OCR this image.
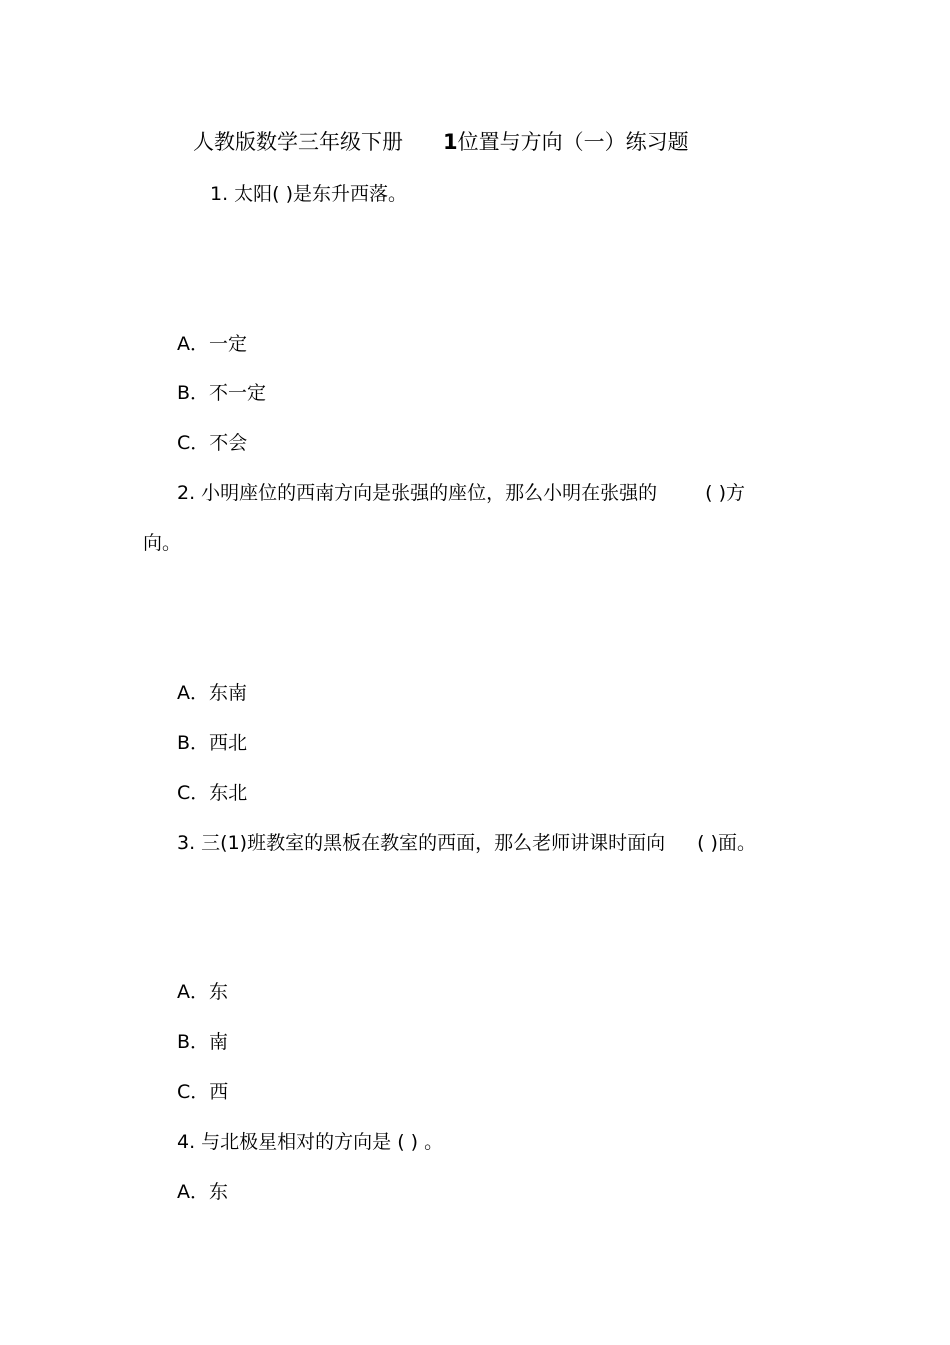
人教版数学三年级下册 1位置与方向（一）练习题
1. 太阳( )是东升西落。
A．一定
B．不一定
C．不会
2. 小明座位的西南方向是张强的座位，那么小明在张强的	( )方
向。
A．东南
B．西北
C．东北
3. 三(1)班教室的黑板在教室的西面，那么老师讲课时面向 ( )面。
A．东
B．南
C．西
4. 与北极星相对的方向是 ( ) 。
A．东
